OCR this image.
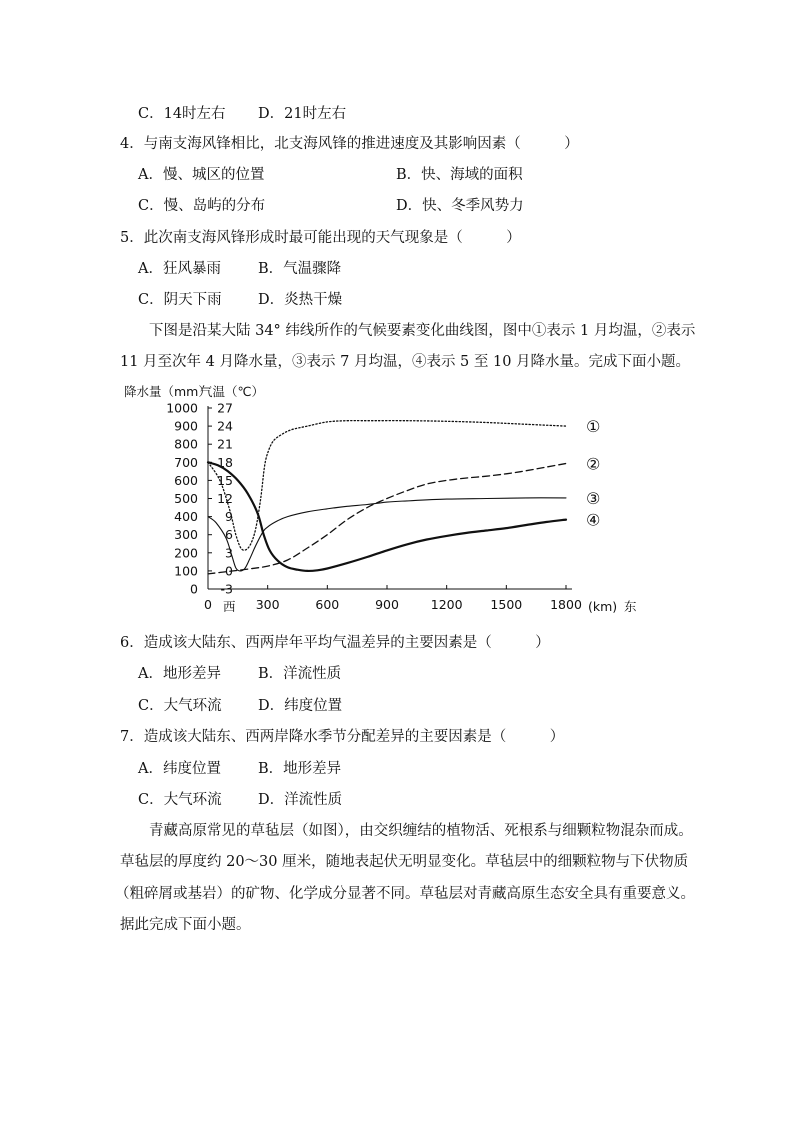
C．14时左右 D．21时左右
4．与南支海风锋相比，北支海风锋的推进速度及其影响因素（　　　）
A．慢、城区的位置	B．快、海域的面积
C．慢、岛屿的分布	D．快、冬季风势力
5．此次南支海风锋形成时最可能出现的天气现象是（　　　）
A．狂风暴雨	B．气温骤降
C．阴天下雨	D．炎热干燥
　　下图是沿某大陆 34° 纬线所作的气候要素变化曲线图，图中①表示 1 月均温，②表示
11 月至次年 4 月降水量，③表示 7 月均温，④表示 5 至 10 月降水量。完成下面小题。
降水量（mm）
气温（℃）
1000 27
900 24
800 21
700 18
600 15
500 12
400 9
300 6
200 3
100 0
0 -3
0	300	600	900	1200 1500 1800
西	(km) 东
①
②
③
④
6．造成该大陆东、西两岸年平均气温差异的主要因素是（　　　）
A．地形差异	B．洋流性质
C．大气环流	D．纬度位置
7．造成该大陆东、西两岸降水季节分配差异的主要因素是（　　　）
A．纬度位置	B．地形差异
C．大气环流	D．洋流性质
　　青藏高原常见的草毡层（如图），由交织缠结的植物活、死根系与细颗粒物混杂而成。
草毡层的厚度约 20～30 厘米，随地表起伏无明显变化。草毡层中的细颗粒物与下伏物质
（粗碎屑或基岩）的矿物、化学成分显著不同。草毡层对青藏高原生态安全具有重要意义。
据此完成下面小题。
